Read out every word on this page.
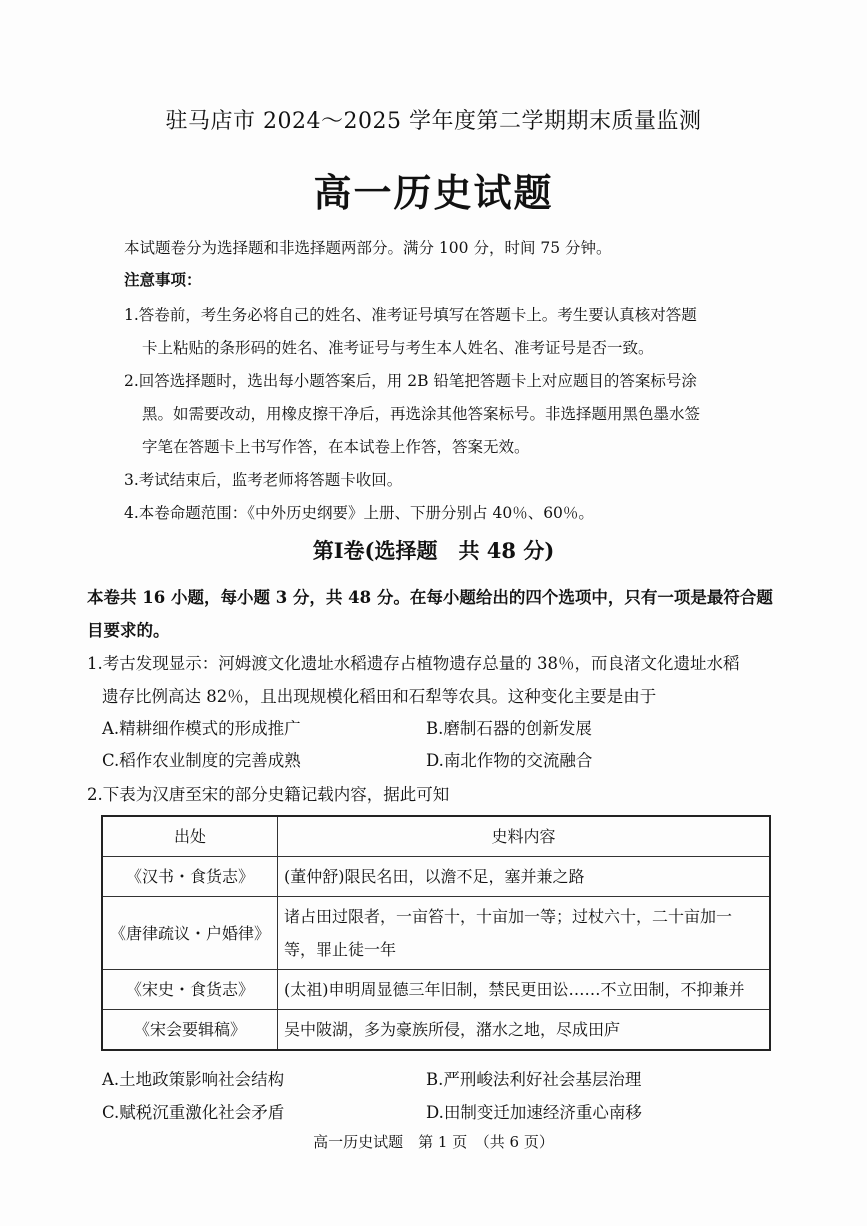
驻马店市 2024～2025 学年度第二学期期末质量监测
高一历史试题
本试题卷分为选择题和非选择题两部分。满分 100 分，时间 75 分钟。
注意事项：
1.答卷前，考生务必将自己的姓名、准考证号填写在答题卡上。考生要认真核对答题
卡上粘贴的条形码的姓名、准考证号与考生本人姓名、准考证号是否一致。
2.回答选择题时，选出每小题答案后，用 2B 铅笔把答题卡上对应题目的答案标号涂
黑。如需要改动，用橡皮擦干净后，再选涂其他答案标号。非选择题用黑色墨水签
字笔在答题卡上书写作答，在本试卷上作答，答案无效。
3.考试结束后，监考老师将答题卡收回。
4.本卷命题范围：《中外历史纲要》上册、下册分别占 40％、60％。
第Ⅰ卷(选择题　共 48 分)
本卷共 16 小题，每小题 3 分，共 48 分。在每小题给出的四个选项中，只有一项是最符合题
目要求的。
1.考古发现显示：河姆渡文化遗址水稻遗存占植物遗存总量的 38％，而良渚文化遗址水稻
遗存比例高达 82％，且出现规模化稻田和石犁等农具。这种变化主要是由于
A.精耕细作模式的形成推广	B.磨制石器的创新发展
C.稻作农业制度的完善成熟	D.南北作物的交流融合
2.下表为汉唐至宋的部分史籍记载内容，据此可知
出处	史料内容
《汉书・食货志》	(董仲舒)限民名田，以澹不足，塞并兼之路
《唐律疏议・户婚律》	诸占田过限者，一亩笞十，十亩加一等；过杖六十，二十亩加一等，罪止徒一年
《宋史・食货志》	(太祖)申明周显德三年旧制，禁民更田讼……不立田制，不抑兼并
《宋会要辑稿》	吴中陂湖，多为豪族所侵，潴水之地，尽成田庐
A.土地政策影响社会结构	B.严刑峻法利好社会基层治理
C.赋税沉重激化社会矛盾	D.田制变迁加速经济重心南移
高一历史试题　第 1 页　（共 6 页）
